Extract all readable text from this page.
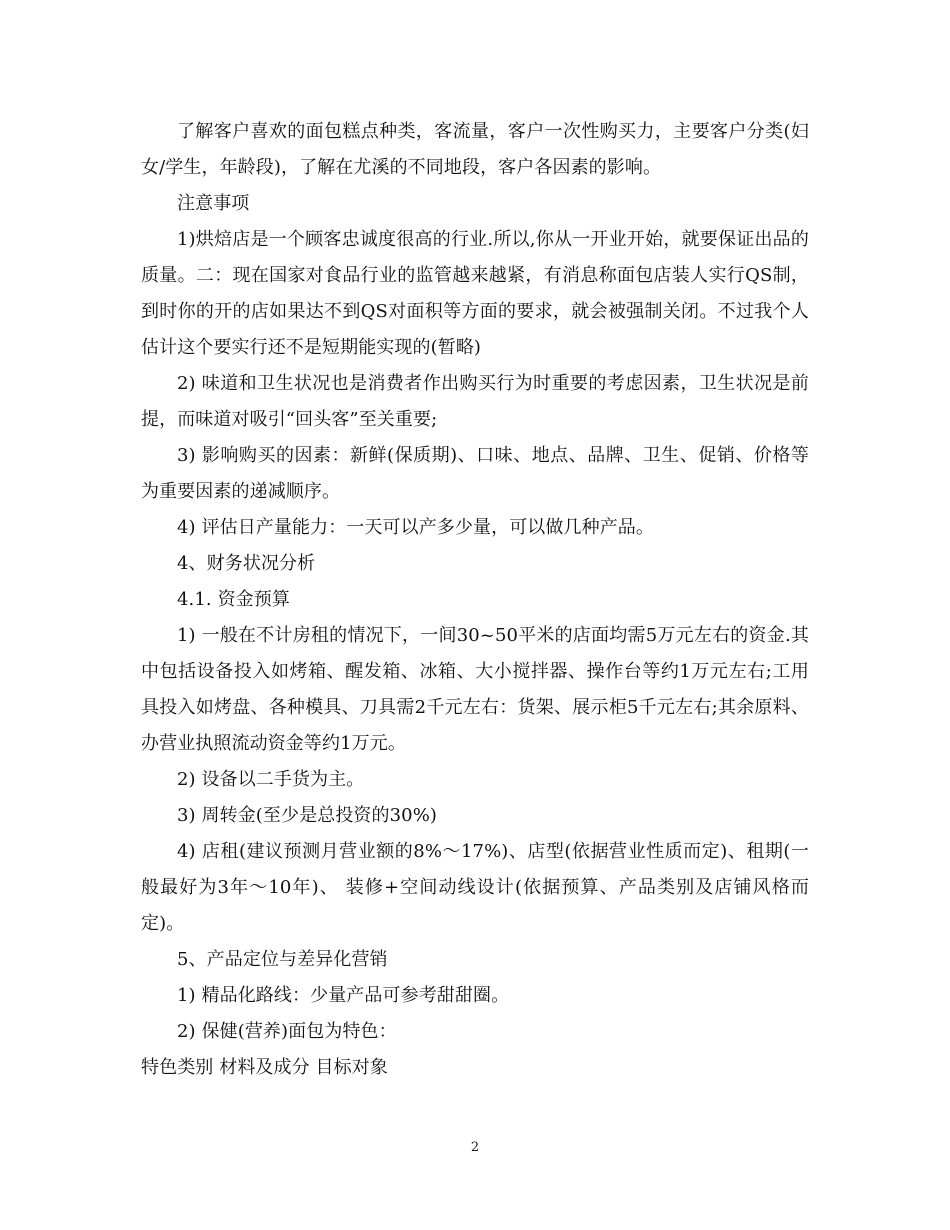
了解客户喜欢的面包糕点种类，客流量，客户一次性购买力，主要客户分类(妇女/学生，年龄段)，了解在尤溪的不同地段，客户各因素的影响。

注意事项

1)烘焙店是一个顾客忠诚度很高的行业.所以,你从一开业开始，就要保证出品的质量。二：现在国家对食品行业的监管越来越紧，有消息称面包店装人实行QS制，到时你的开的店如果达不到QS对面积等方面的要求，就会被强制关闭。不过我个人估计这个要实行还不是短期能实现的(暂略)

2) 味道和卫生状况也是消费者作出购买行为时重要的考虑因素，卫生状况是前提，而味道对吸引“回头客”至关重要;

3) 影响购买的因素：新鲜(保质期)、口味、地点、品牌、卫生、促销、价格等为重要因素的递减顺序。

4) 评估日产量能力：一天可以产多少量，可以做几种产品。

4、财务状况分析

4.1. 资金预算

1) 一般在不计房租的情况下，一间30~50平米的店面均需5万元左右的资金.其中包括设备投入如烤箱、醒发箱、冰箱、大小搅拌器、操作台等约1万元左右;工用具投入如烤盘、各种模具、刀具需2千元左右：货架、展示柜5千元左右;其余原料、办营业执照流动资金等约1万元。

2) 设备以二手货为主。

3) 周转金(至少是总投资的30%)

4) 店租(建议预测月营业额的8%～17%)、店型(依据营业性质而定)、租期(一般最好为3年～10年)、 装修+空间动线设计(依据预算、产品类别及店铺风格而定)。

5、产品定位与差异化营销

1) 精品化路线：少量产品可参考甜甜圈。

2) 保健(营养)面包为特色：

特色类别 材料及成分 目标对象

2
